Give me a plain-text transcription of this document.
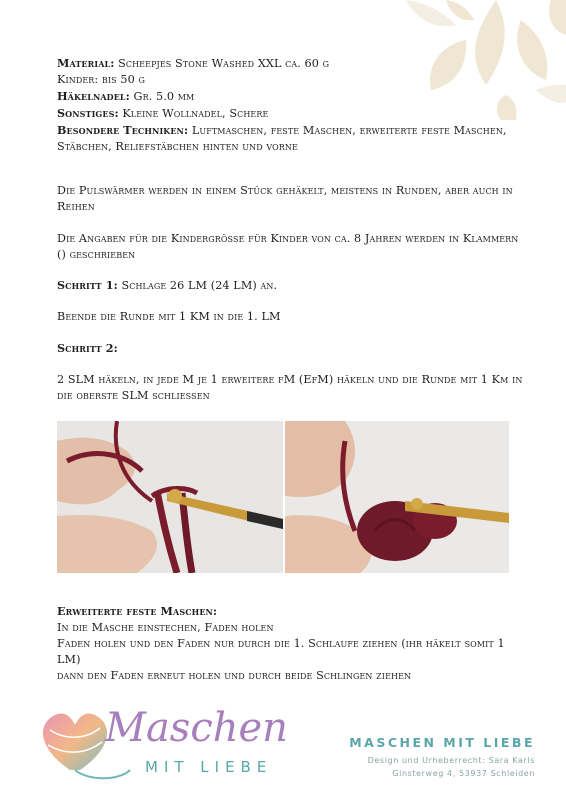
Material: Scheepjes Stone Washed XXL ca. 60 g

Kinder: bis 50 g

Häkelnadel: Gr. 5.0 mm

Sonstiges: Kleine Wollnadel, Schere

Besondere Techniken: Luftmaschen, feste Maschen, erweiterte feste Maschen, Stäbchen, Reliefstäbchen hinten und vorne

Die Pulswärmer werden in einem Stück gehäkelt, meistens in Runden, aber auch in Reihen

Die Angaben für die Kindergrösse für Kinder von ca. 8 Jahren werden in Klammern () geschrieben

Schritt 1: Schlage 26 LM (24 LM) an.

Beende die Runde mit 1 KM in die 1. LM

Schritt 2:

2 SLM häkeln, in jede M je 1 erweitere fM (EfM) häkeln und die Runde mit 1 Km in die oberste SLM schliessen

Erweiterte feste Maschen:

In die Masche einstechen, Faden holen

Faden holen und den Faden nur durch die 1. Schlaufe ziehen (ihr häkelt somit 1 LM)

dann den Faden erneut holen und durch beide Schlingen ziehen

Maschen
MIT LIEBE
MASCHEN MIT LIEBE
Design und Urheberrecht: Sara Karls
Ginsterweg 4, 53937 Schleiden
